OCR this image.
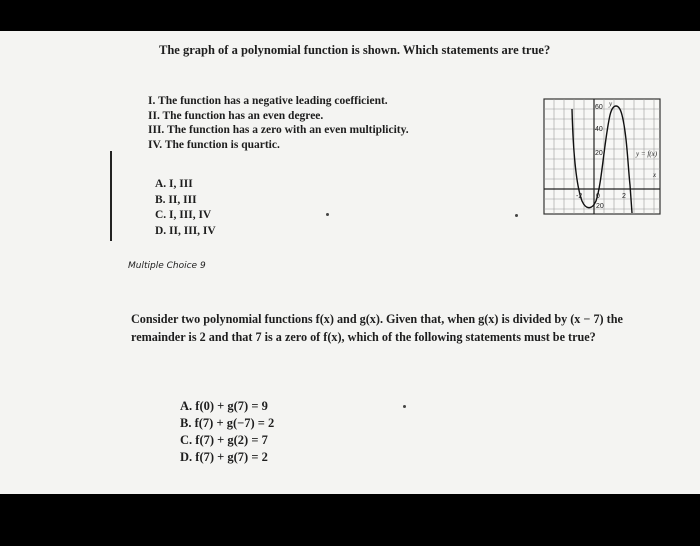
The graph of a polynomial function is shown. Which statements are true?
I. The function has a negative leading coefficient.
II. The function has an even degree.
III. The function has a zero with an even multiplicity.
IV. The function is quartic.
A. I, III
B. II, III
C. I, III, IV
D. II, III, IV
60
40
20
20
y
x
y = f(x)
-2 0	2
Multiple Choice 9
Consider two polynomial functions f(x) and g(x). Given that, when g(x) is divided by (x − 7) the remainder is 2 and that 7 is a zero of f(x), which of the following statements must be true?
A. f(0) + g(7) = 9
B. f(7) + g(−7) = 2
C. f(7) + g(2) = 7
D. f(7) + g(7) = 2
